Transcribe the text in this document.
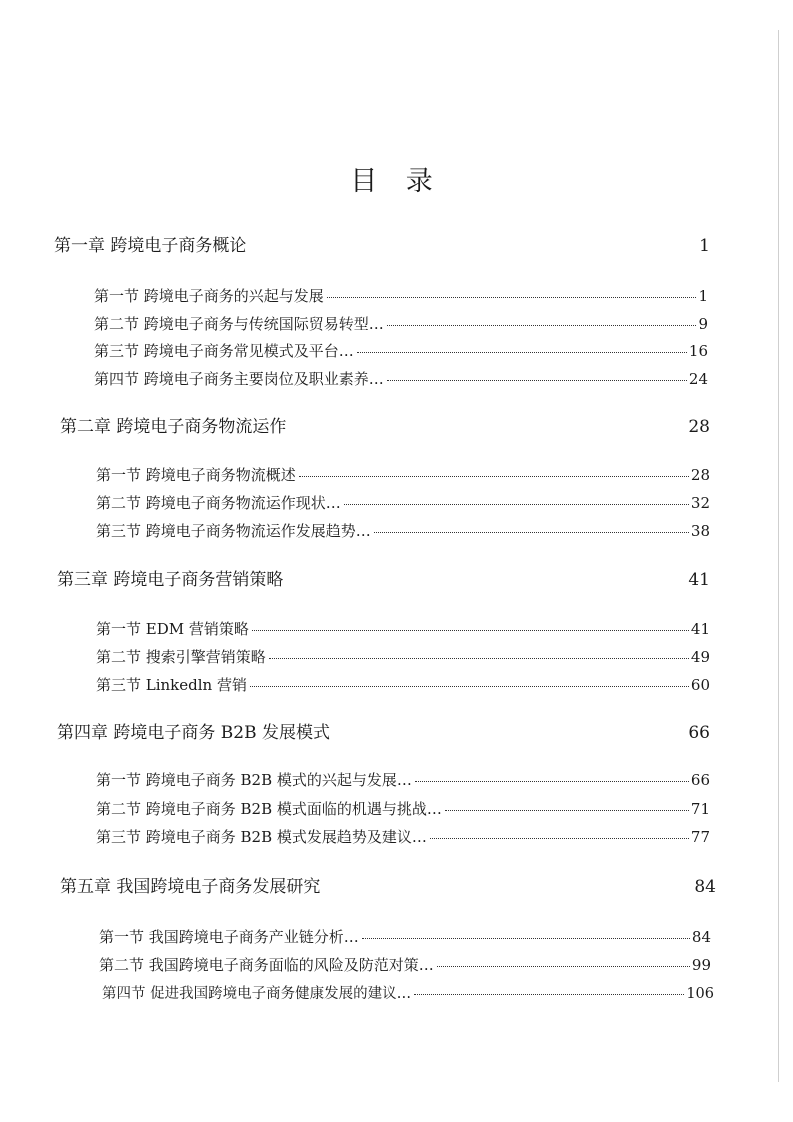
目 录
第一章 跨境电子商务概论	1
第一节 跨境电子商务的兴起与发展	1
第二节 跨境电子商务与传统国际贸易转型…	9
第三节 跨境电子商务常见模式及平台…	16
第四节 跨境电子商务主要岗位及职业素养…	24
第二章 跨境电子商务物流运作	28
第一节 跨境电子商务物流概述	28
第二节 跨境电子商务物流运作现状…	32
第三节 跨境电子商务物流运作发展趋势…	38
第三章 跨境电子商务营销策略	41
第一节 EDM 营销策略	41
第二节 搜索引擎营销策略	49
第三节 Linkedln 营销	60
第四章 跨境电子商务 B2B 发展模式	66
第一节 跨境电子商务 B2B 模式的兴起与发展…	66
第二节 跨境电子商务 B2B 模式面临的机遇与挑战…	71
第三节 跨境电子商务 B2B 模式发展趋势及建议…	77
第五章 我国跨境电子商务发展研究	84
第一节 我国跨境电子商务产业链分析…	84
第二节 我国跨境电子商务面临的风险及防范对策…	99
第四节 促进我国跨境电子商务健康发展的建议…	106
